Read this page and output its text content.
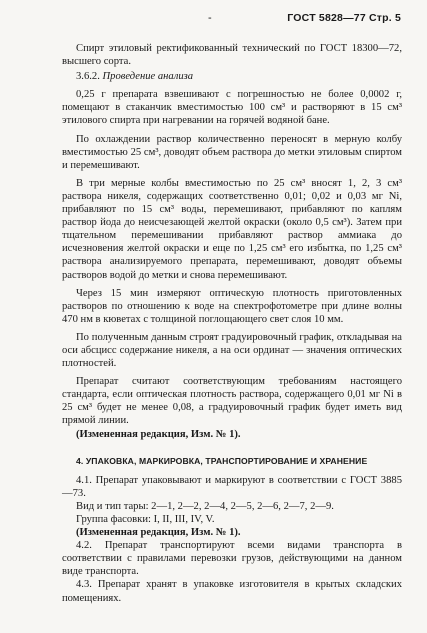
-	ГОСТ 5828—77 Стр. 5

Спирт этиловый ректификованный технический по ГОСТ 18300—72, высшего сорта.

3.6.2. Проведение анализа

0,25 г препарата взвешивают с погрешностью не более 0,0002 г, помещают в стаканчик вместимостью 100 см³ и растворяют в 15 см³ этилового спирта при нагревании на горячей водяной бане.

По охлаждении раствор количественно переносят в мерную колбу вместимостью 25 см³, доводят объем раствора до метки этиловым спиртом и перемешивают.

В три мерные колбы вместимостью по 25 см³ вносят 1, 2, 3 см³ раствора никеля, содержащих соответственно 0,01; 0,02 и 0,03 мг Ni, прибавляют по 15 см³ воды, перемешивают, прибавляют по каплям раствор йода до неисчезающей желтой окраски (около 0,5 см³). Затем при тщательном перемешивании прибавляют раствор аммиака до исчезновения желтой окраски и еще по 1,25 см³ его избытка, по 1,25 см³ раствора анализируемого препарата, перемешивают, доводят объемы растворов водой до метки и снова перемешивают.

Через 15 мин измеряют оптическую плотность приготовленных растворов по отношению к воде на спектрофотометре при длине волны 470 нм в кюветах с толщиной поглощающего свет слоя 10 мм.

По полученным данным строят градуировочный график, откладывая на оси абсцисс содержание никеля, а на оси ординат — значения оптических плотностей.

Препарат считают соответствующим требованиям настоящего стандарта, если оптическая плотность раствора, содержащего 0,01 мг Ni в 25 см³ будет не менее 0,08, а градуировочный график будет иметь вид прямой линии.

(Измененная редакция, Изм. № 1).

4. УПАКОВКА, МАРКИРОВКА, ТРАНСПОРТИРОВАНИЕ И ХРАНЕНИЕ

4.1. Препарат упаковывают и маркируют в соответствии с ГОСТ 3885—73.

Вид и тип тары: 2—1, 2—2, 2—4, 2—5, 2—6, 2—7, 2—9.

Группа фасовки: I, II, III, IV, V.

(Измененная редакция, Изм. № 1).

4.2. Препарат транспортируют всеми видами транспорта в соответствии с правилами перевозки грузов, действующими на данном виде транспорта.

4.3. Препарат хранят в упаковке изготовителя в крытых складских помещениях.
